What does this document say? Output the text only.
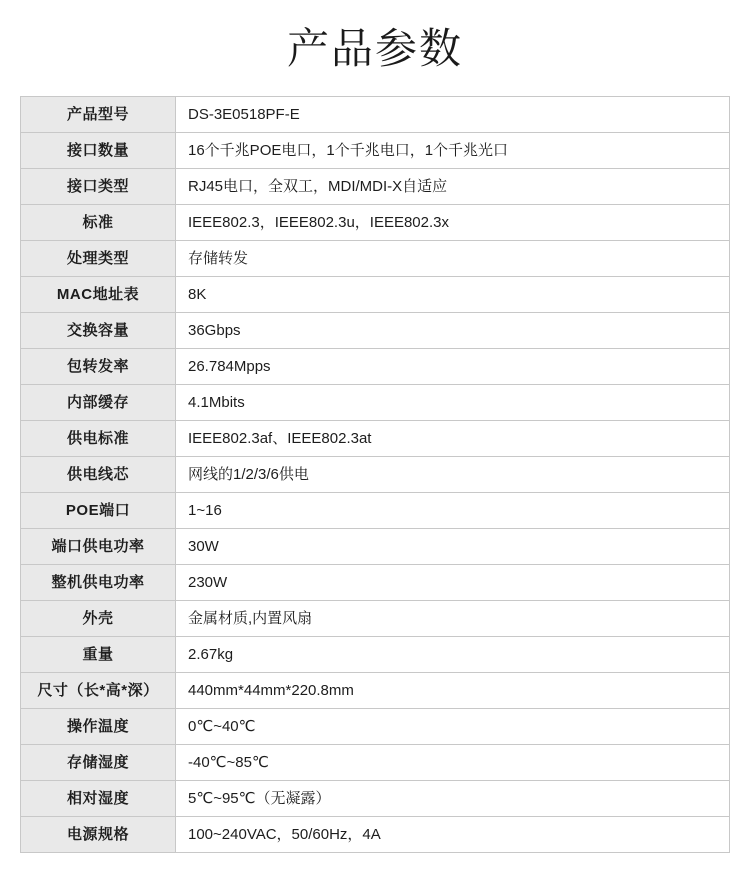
产品参数
产品型号	DS-3E0518PF-E
接口数量	16个千兆POE电口，1个千兆电口，1个千兆光口
接口类型	RJ45电口，全双工，MDI/MDI-X自适应
标准	IEEE802.3，IEEE802.3u，IEEE802.3x
处理类型	存储转发
MAC地址表	8K
交换容量	36Gbps
包转发率	26.784Mpps
内部缓存	4.1Mbits
供电标准	IEEE802.3af、IEEE802.3at
供电线芯	网线的1/2/3/6供电
POE端口	1~16
端口供电功率	30W
整机供电功率	230W
外壳	金属材质,内置风扇
重量	2.67kg
尺寸（长*高*深）	440mm*44mm*220.8mm
操作温度	0℃~40℃
存储湿度	-40℃~85℃
相对湿度	5℃~95℃（无凝露）
电源规格	100~240VAC，50/60Hz，4A
